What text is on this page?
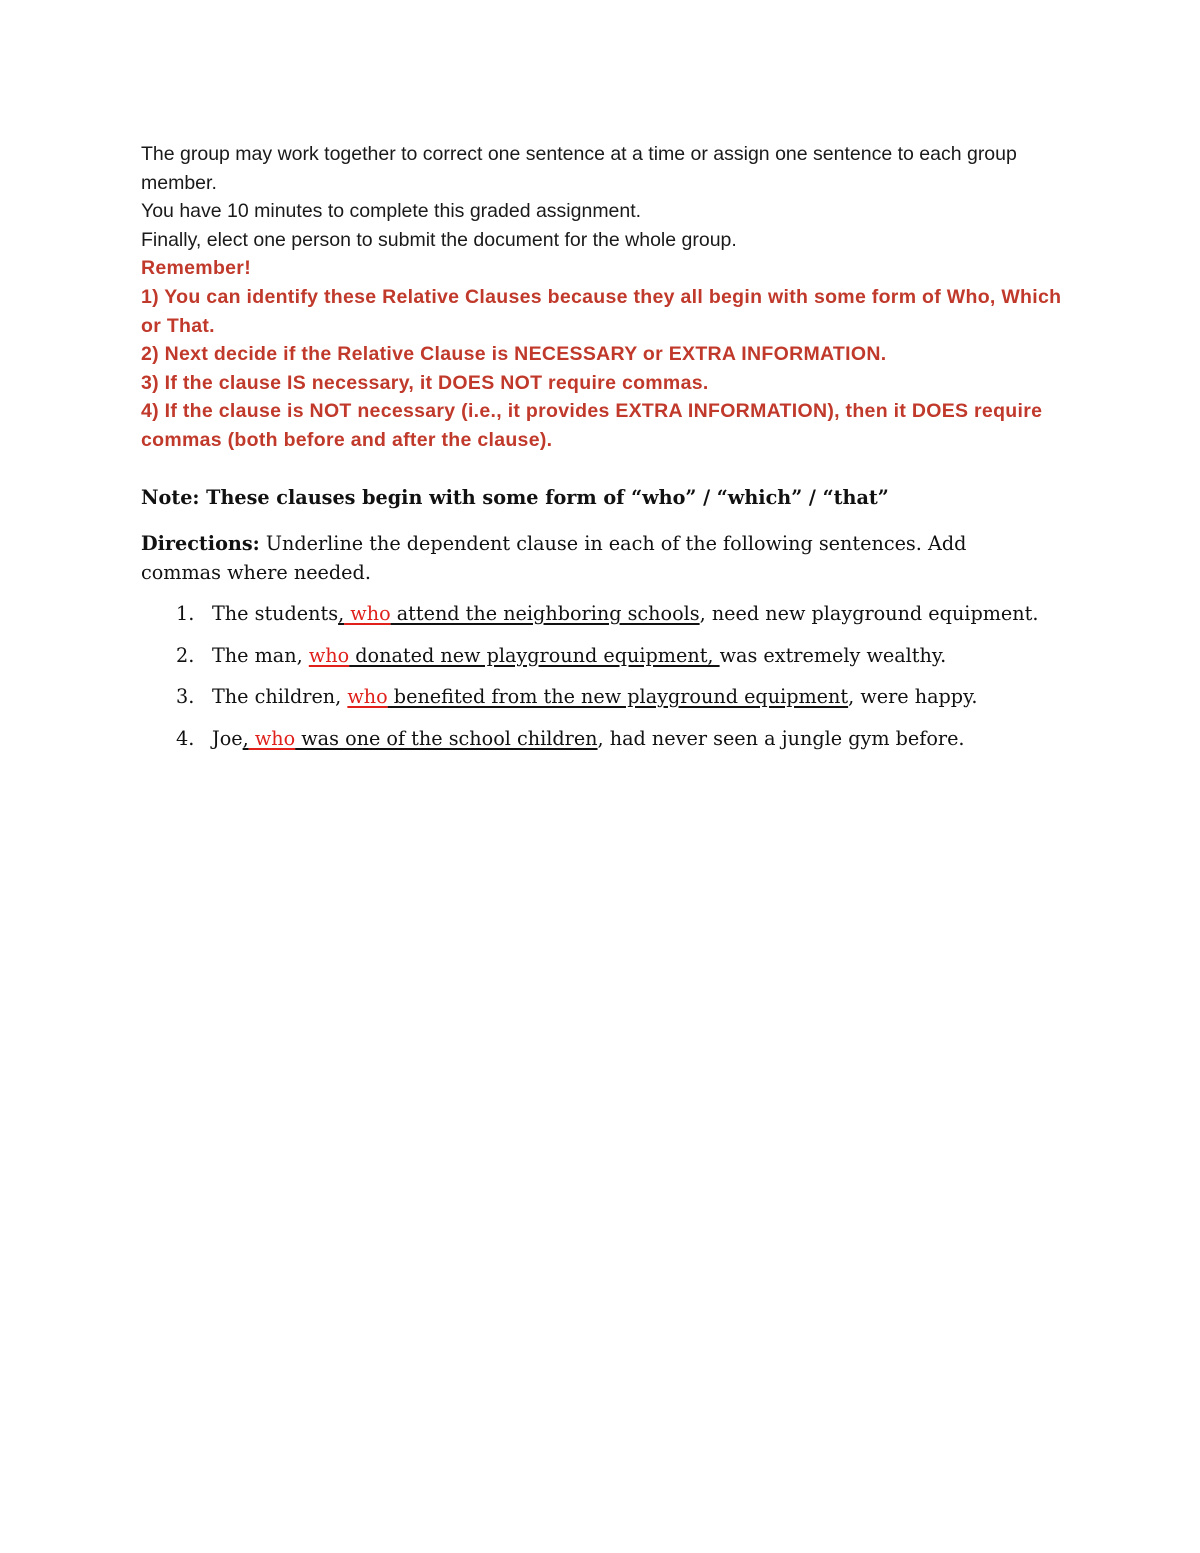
The group may work together to correct one sentence at a time or assign one sentence to each group member.

You have 10 minutes to complete this graded assignment.

Finally, elect one person to submit the document for the whole group.

Remember!

1) You can identify these Relative Clauses because they all begin with some form of Who, Which or That.

2) Next decide if the Relative Clause is NECESSARY or EXTRA INFORMATION.

3) If the clause IS necessary, it DOES NOT require commas.

4) If the clause is NOT necessary (i.e., it provides EXTRA INFORMATION), then it DOES require commas (both before and after the clause).

Note: These clauses begin with some form of “who” / “which” / “that”

Directions: Underline the dependent clause in each of the following sentences. Add commas where needed.

1. The students, who attend the neighboring schools, need new playground equipment.
2. The man, who donated new playground equipment, was extremely wealthy.
3. The children, who benefited from the new playground equipment, were happy.
4. Joe, who was one of the school children, had never seen a jungle gym before.
